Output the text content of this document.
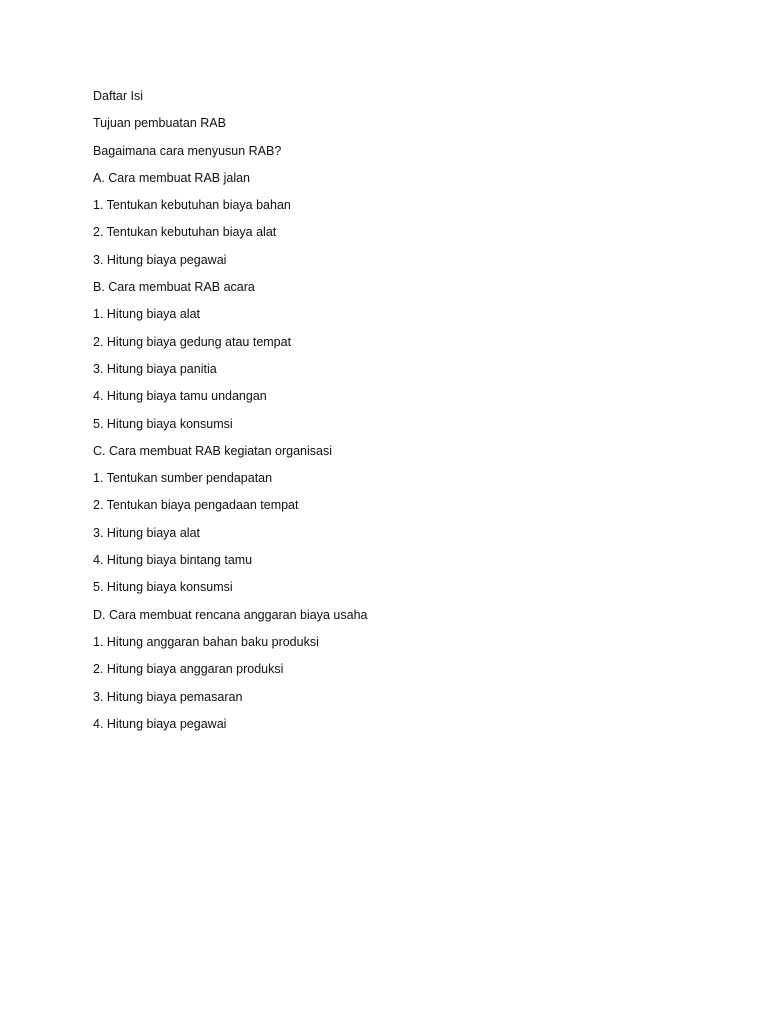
Daftar Isi
Tujuan pembuatan RAB
Bagaimana cara menyusun RAB?
A. Cara membuat RAB jalan
1. Tentukan kebutuhan biaya bahan
2. Tentukan kebutuhan biaya alat
3. Hitung biaya pegawai
B. Cara membuat RAB acara
1. Hitung biaya alat
2. Hitung biaya gedung atau tempat
3. Hitung biaya panitia
4. Hitung biaya tamu undangan
5. Hitung biaya konsumsi
C. Cara membuat RAB kegiatan organisasi
1. Tentukan sumber pendapatan
2. Tentukan biaya pengadaan tempat
3. Hitung biaya alat
4. Hitung biaya bintang tamu
5. Hitung biaya konsumsi
D. Cara membuat rencana anggaran biaya usaha
1. Hitung anggaran bahan baku produksi
2. Hitung biaya anggaran produksi
3. Hitung biaya pemasaran
4. Hitung biaya pegawai
